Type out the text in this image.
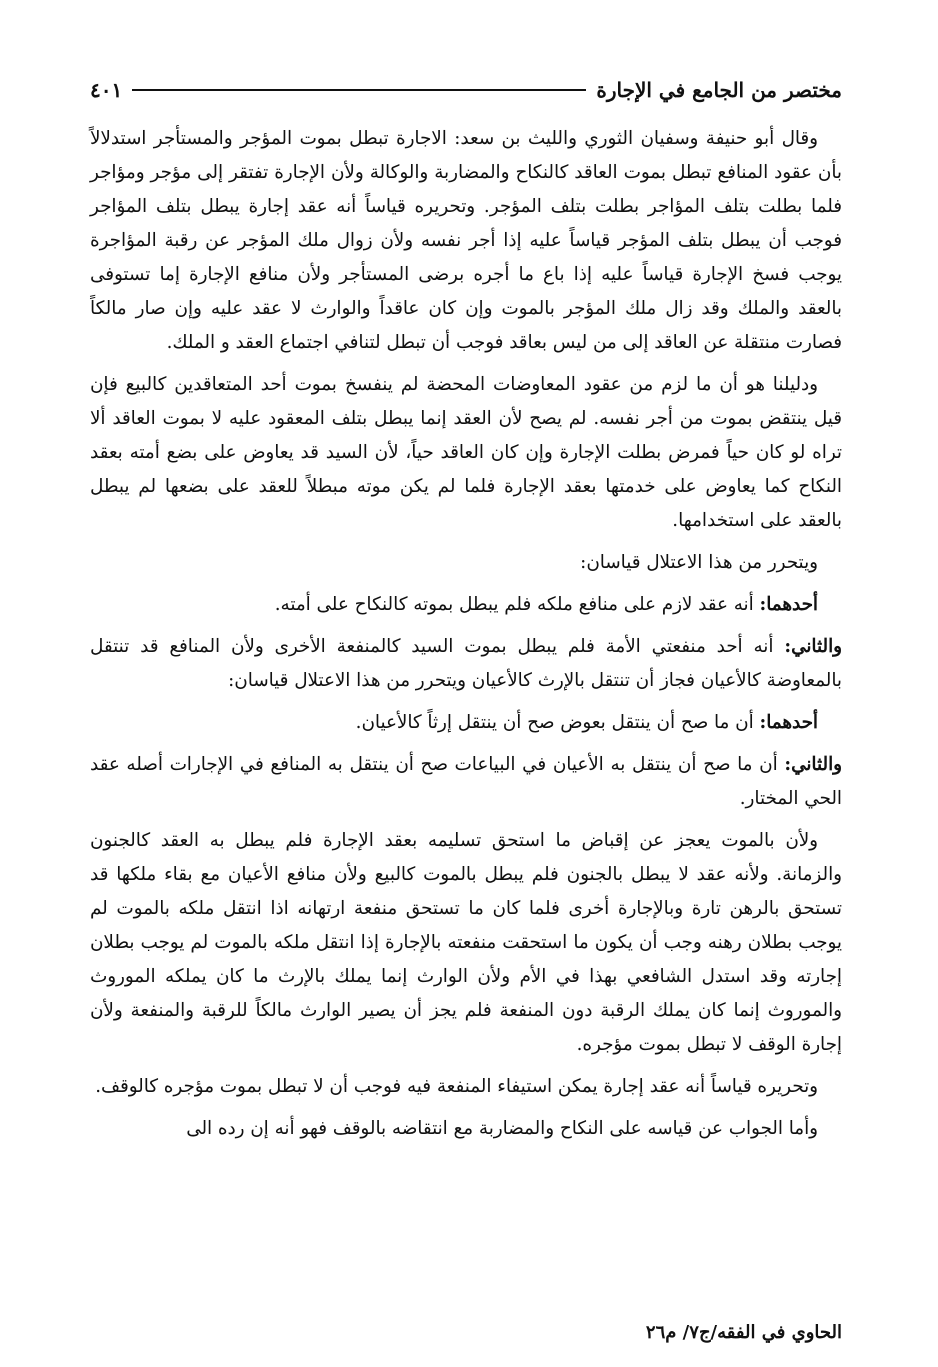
مختصر من الجامع في الإجارة
٤٠١

وقال أبو حنيفة وسفيان الثوري والليث بن سعد: الاجارة تبطل بموت المؤجر والمستأجر استدلالاً بأن عقود المنافع تبطل بموت العاقد كالنكاح والمضاربة والوكالة ولأن الإجارة تفتقر إلى مؤجر ومؤاجر فلما بطلت بتلف المؤاجر بطلت بتلف المؤجر. وتحريره قياساً أنه عقد إجارة يبطل بتلف المؤاجر فوجب أن يبطل بتلف المؤجر قياساً عليه إذا أجر نفسه ولأن زوال ملك المؤجر عن رقبة المؤاجرة يوجب فسخ الإجارة قياساً عليه إذا باع ما أجره برضى المستأجر ولأن منافع الإجارة إما تستوفى بالعقد والملك وقد زال ملك المؤجر بالموت وإن كان عاقداً والوارث لا عقد عليه وإن صار مالكاً فصارت منتقلة عن العاقد إلى من ليس بعاقد فوجب أن تبطل لتنافي اجتماع العقد و الملك.

ودليلنا هو أن ما لزم من عقود المعاوضات المحضة لم ينفسخ بموت أحد المتعاقدين كالبيع فإن قيل ينتقض بموت من أجر نفسه. لم يصح لأن العقد إنما يبطل بتلف المعقود عليه لا بموت العاقد ألا تراه لو كان حياً فمرض بطلت الإجارة وإن كان العاقد حياً، لأن السيد قد يعاوض على بضع أمته بعقد النكاح كما يعاوض على خدمتها بعقد الإجارة فلما لم يكن موته مبطلاً للعقد على بضعها لم يبطل بالعقد على استخدامها.

ويتحرر من هذا الاعتلال قياسان:

أحدهما: أنه عقد لازم على منافع ملكه فلم يبطل بموته كالنكاح على أمته.

والثاني: أنه أحد منفعتي الأمة فلم يبطل بموت السيد كالمنفعة الأخرى ولأن المنافع قد تنتقل بالمعاوضة كالأعيان فجاز أن تنتقل بالإرث كالأعيان ويتحرر من هذا الاعتلال قياسان:

أحدهما: أن ما صح أن ينتقل بعوض صح أن ينتقل إرثاً كالأعيان.

والثاني: أن ما صح أن ينتقل به الأعيان في البياعات صح أن ينتقل به المنافع في الإجارات أصله عقد الحي المختار.

ولأن بالموت يعجز عن إقباض ما استحق تسليمه بعقد الإجارة فلم يبطل به العقد كالجنون والزمانة. ولأنه عقد لا يبطل بالجنون فلم يبطل بالموت كالبيع ولأن منافع الأعيان مع بقاء ملكها قد تستحق بالرهن تارة وبالإجارة أخرى فلما كان ما تستحق منفعة ارتهانه اذا انتقل ملكه بالموت لم يوجب بطلان رهنه وجب أن يكون ما استحقت منفعته بالإجارة إذا انتقل ملكه بالموت لم يوجب بطلان إجارته وقد استدل الشافعي بهذا في الأم ولأن الوارث إنما يملك بالإرث ما كان يملكه الموروث والموروث إنما كان يملك الرقبة دون المنفعة فلم يجز أن يصير الوارث مالكاً للرقبة والمنفعة ولأن إجارة الوقف لا تبطل بموت مؤجره.

وتحريره قياساً أنه عقد إجارة يمكن استيفاء المنفعة فيه فوجب أن لا تبطل بموت مؤجره كالوقف.

وأما الجواب عن قياسه على النكاح والمضاربة مع انتقاضه بالوقف فهو أنه إن رده الى

الحاوي في الفقه/ج٧/ م٢٦
